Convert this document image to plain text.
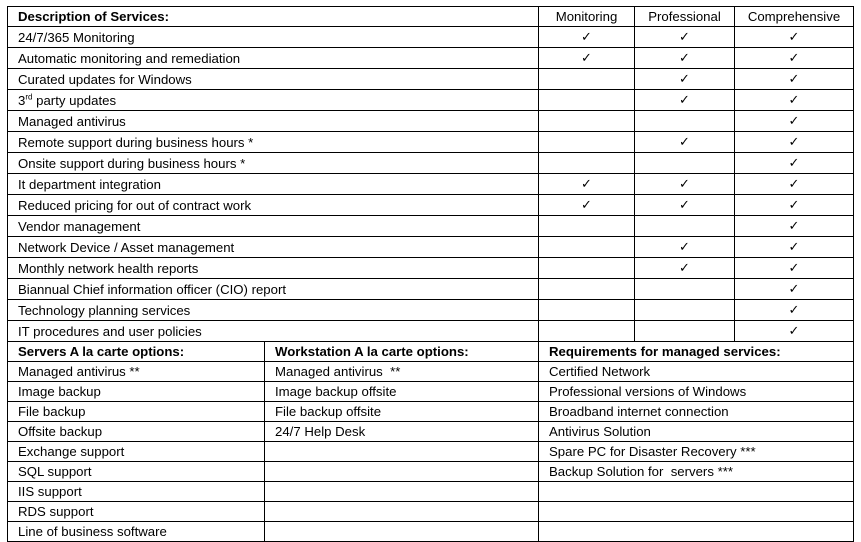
Description of Services:		Monitoring	Professional	Comprehensive
24/7/365 Monitoring		✓	✓	✓
Automatic monitoring and remediation		✓	✓	✓
Curated updates for Windows			✓	✓
3rd party updates			✓	✓
Managed antivirus				✓
Remote support during business hours *			✓	✓
Onsite support during business hours *				✓
It department integration		✓	✓	✓
Reduced pricing for out of contract work		✓	✓	✓
Vendor management				✓
Network Device / Asset management			✓	✓
Monthly network health reports			✓	✓
Biannual Chief information officer (CIO) report				✓
Technology planning services				✓
IT procedures and user policies				✓
Servers A la carte options:	Workstation A la carte options:	Requirements for managed services:		
Managed antivirus **	Managed antivirus  **	Certified Network		
Image backup	Image backup offsite	Professional versions of Windows		
File backup	File backup offsite	Broadband internet connection		
Offsite backup	24/7 Help Desk	Antivirus Solution		
Exchange support		Spare PC for Disaster Recovery ***		
SQL support		Backup Solution for  servers ***		
IIS support				
RDS support				
Line of business software				
